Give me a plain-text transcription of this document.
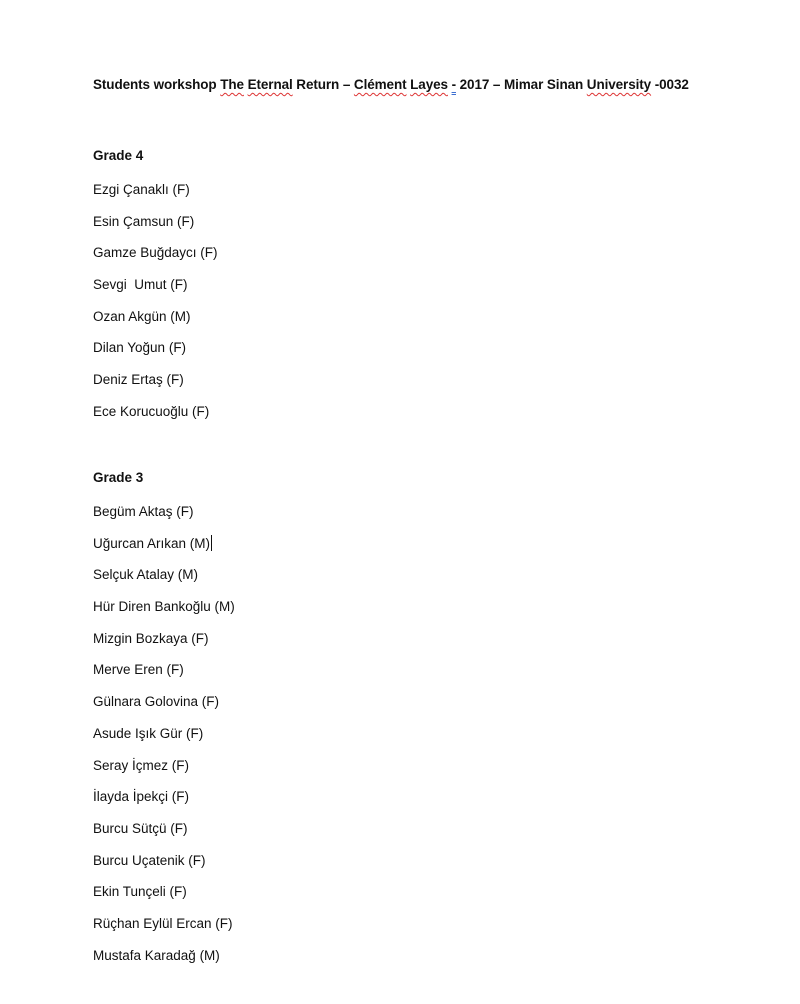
Students workshop The Eternal Return – Clément Layes - 2017 – Mimar Sinan University -0032

Grade 4
Ezgi Çanaklı (F)
Esin Çamsun (F)
Gamze Buğdaycı (F)
Sevgi  Umut (F)
Ozan Akgün (M)
Dilan Yoğun (F)
Deniz Ertaş (F)
Ece Korucuoğlu (F)
Grade 3
Begüm Aktaş (F)
Uğurcan Arıkan (M)
Selçuk Atalay (M)
Hür Diren Bankoğlu (M)
Mizgin Bozkaya (F)
Merve Eren (F)
Gülnara Golovina (F)
Asude Işık Gür (F)
Seray İçmez (F)
İlayda İpekçi (F)
Burcu Sütçü (F)
Burcu Uçatenik (F)
Ekin Tunçeli (F)
Rüçhan Eylül Ercan (F)
Mustafa Karadağ (M)
